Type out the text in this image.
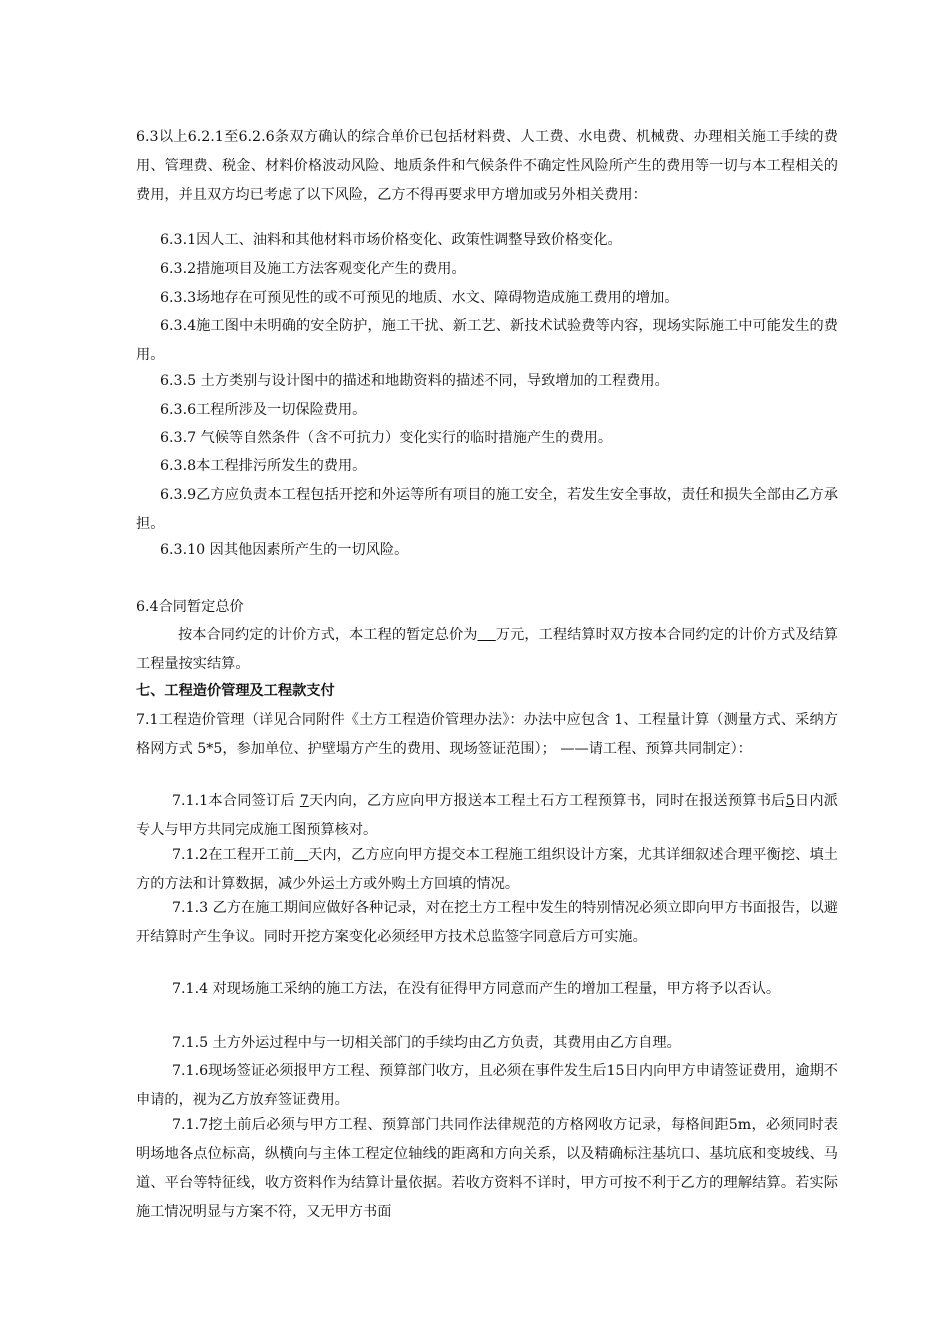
6.3以上6.2.1至6.2.6条双方确认的综合单价已包括材料费、人工费、水电费、机械费、办理相关施工手续的费用、管理费、税金、材料价格波动风险、地质条件和气候条件不确定性风险所产生的费用等一切与本工程相关的费用，并且双方均已考虑了以下风险，乙方不得再要求甲方增加或另外相关费用：

6.3.1因人工、油料和其他材料市场价格变化、政策性调整导致价格变化。

6.3.2措施项目及施工方法客观变化产生的费用。

6.3.3场地存在可预见性的或不可预见的地质、水文、障碍物造成施工费用的增加。

6.3.4施工图中未明确的安全防护，施工干扰、新工艺、新技术试验费等内容，现场实际施工中可能发生的费用。

6.3.5 土方类别与设计图中的描述和地勘资料的描述不同，导致增加的工程费用。

6.3.6工程所涉及一切保险费用。

6.3.7 气候等自然条件（含不可抗力）变化实行的临时措施产生的费用。

6.3.8本工程排污所发生的费用。

6.3.9乙方应负责本工程包括开挖和外运等所有项目的施工安全，若发生安全事故，责任和损失全部由乙方承担。

6.3.10 因其他因素所产生的一切风险。

6.4合同暂定总价

按本合同约定的计价方式，本工程的暂定总价为 万元，工程结算时双方按本合同约定的计价方式及结算工程量按实结算。

七、工程造价管理及工程款支付

7.1工程造价管理（详见合同附件《土方工程造价管理办法》：办法中应包含 1、工程量计算（测量方式、采纳方格网方式 5*5，参加单位、护壁塌方产生的费用、现场签证范围）； ——请工程、预算共同制定）：

7.1.1本合同签订后 7天内向，乙方应向甲方报送本工程土石方工程预算书，同时在报送预算书后5日内派专人与甲方共同完成施工图预算核对。

7.1.2在工程开工前 天内，乙方应向甲方提交本工程施工组织设计方案，尤其详细叙述合理平衡挖、填土方的方法和计算数据，减少外运土方或外购土方回填的情况。

7.1.3 乙方在施工期间应做好各种记录，对在挖土方工程中发生的特别情况必须立即向甲方书面报告，以避开结算时产生争议。同时开挖方案变化必须经甲方技术总监签字同意后方可实施。

7.1.4 对现场施工采纳的施工方法，在没有征得甲方同意而产生的增加工程量，甲方将予以否认。

7.1.5 土方外运过程中与一切相关部门的手续均由乙方负责，其费用由乙方自理。

7.1.6现场签证必须报甲方工程、预算部门收方，且必须在事件发生后15日内向甲方申请签证费用，逾期不申请的，视为乙方放弃签证费用。

7.1.7挖土前后必须与甲方工程、预算部门共同作法律规范的方格网收方记录，每格间距5m，必须同时表明场地各点位标高，纵横向与主体工程定位轴线的距离和方向关系，以及精确标注基坑口、基坑底和变坡线、马道、平台等特征线，收方资料作为结算计量依据。若收方资料不详时，甲方可按不利于乙方的理解结算。若实际施工情况明显与方案不符，又无甲方书面
